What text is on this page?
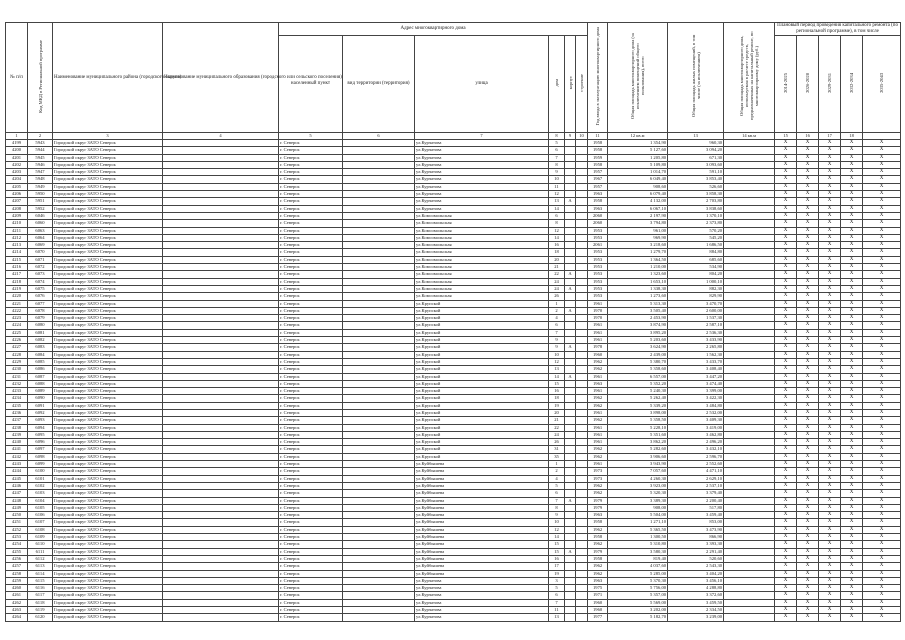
№ п/п	Код МКД в Региональной программе	Наименование муниципального района (городского округа)	Наименование муниципального образования (городского или сельского поселения)	Адрес многоквартирного дома						Год ввода в эксплуатацию многоквартирного дома	Общая площадь многоквартирного дома (за исключением помещений общего пользования), всего	Общая площадь жилых помещений, в том числе (за исключением)	Общая площадь многоквартирного дома, используемая в расчете средств, предназначенных на капитальный ремонт, по многоквартирному дому (руб.)	Плановый период проведения капитального ремонта (по региональной программе), в том числе				
				населенный пункт	вид территории (территория)	улица	дом	корпус	строение					2014-2025	2026-2028	2029-2031	2032-2034	2035-2043
1	2	3	4	5	6	7	8	9	10	11	12 кв.м	13	14 кв.м	15	16	17	18	
4199	5943	Городской округ ЗАТО Северск		г. Северск		ул.Курчатова	5			1958	1 354,90	960,30		X	X	X	X	X
4200	5944	Городской округ ЗАТО Северск		г. Северск		ул.Курчатова	6			1958	5 127,60	3 094,20		X	X	X	X	X
4201	5945	Городской округ ЗАТО Северск		г. Северск		ул.Курчатова	7			1959	1 205,80	671,30		X	X	X	X	X
4202	5946	Городской округ ЗАТО Северск		г. Северск		ул.Курчатова	8			1958	5 109,80	3 093,60		X	X	X	X	X
4203	5947	Городской округ ЗАТО Северск		г. Северск		ул.Курчатова	9			1957	1 014,70	591,10		X	X	X	X	X
4204	5948	Городской округ ЗАТО Северск		г. Северск		ул.Курчатова	10			1967	6 049,40	3 853,40		X	X	X	X	X
4205	5949	Городской округ ЗАТО Северск		г. Северск		ул.Курчатова	11			1957	908,60	526,60		X	X	X	X	X
4206	5950	Городской округ ЗАТО Северск		г. Северск		ул.Курчатова	12			1963	6 079,40	3 858,30		X	X	X	X	X
4207	5951	Городской округ ЗАТО Северск		г. Северск		ул.Курчатова	13	А		1958	4 132,00	2 703,80		X	X	X	X	X
4208	5952	Городской округ ЗАТО Северск		г. Северск		ул.Курчатова	14			1963	6 067,10	3 838,60		X	X	X	X	X
4209	6046	Городской округ ЗАТО Северск		г. Северск		ул.Комсомольская	6			2060	2 197,90	1 370,10		X	X	X	X	X
4210	6060	Городской округ ЗАТО Северск		г. Северск		ул.Комсомольская	8			2060	3 794,80	2 373,80		X	X	X	X	X
4211	6063	Городской округ ЗАТО Северск		г. Северск		ул.Комсомольская	12			1953	961,00	570,20		X	X	X	X	X
4212	6064	Городской округ ЗАТО Северск		г. Северск		ул.Комсомольская	14			1953	969,90	545,20		X	X	X	X	X
4213	6069	Городской округ ЗАТО Северск		г. Северск		ул.Комсомольская	16			2061	3 218,60	1 686,50		X	X	X	X	X
4214	6070	Городской округ ЗАТО Северск		г. Северск		ул.Комсомольская	18			1953	1 279,70	884,80		X	X	X	X	X
4215	6071	Городской округ ЗАТО Северск		г. Северск		ул.Комсомольская	20			1953	1 364,50	685,60		X	X	X	X	X
4216	6072	Городской округ ЗАТО Северск		г. Северск		ул.Комсомольская	21			1953	1 210,00	534,90		X	X	X	X	X
4217	6073	Городской округ ЗАТО Северск		г. Северск		ул.Комсомольская	22	А		1953	1 323,60	804,20		X	X	X	X	X
4218	6074	Городской округ ЗАТО Северск		г. Северск		ул.Комсомольская	24			1953	1 653,10	1 000,10		X	X	X	X	X
4219	6075	Городской округ ЗАТО Северск		г. Северск		ул.Комсомольская	24	А		1953	1 338,30	882,30		X	X	X	X	X
4220	6076	Городской округ ЗАТО Северск		г. Северск		ул.Комсомольская	26			1953	1 273,60	829,90		X	X	X	X	X
4221	6077	Городской округ ЗАТО Северск		г. Северск		ул.Крупской	1			1961	5 313,30	3 470,70		X	X	X	X	X
4222	6078	Городской округ ЗАТО Северск		г. Северск		ул.Крупской	2	А		1970	3 505,40	2 600,00		X	X	X	X	X
4223	6079	Городской округ ЗАТО Северск		г. Северск		ул.Крупской	4			1970	2 453,90	1 537,30		X	X	X	X	X
4224	6080	Городской округ ЗАТО Северск		г. Северск		ул.Крупской	6			1961	3 874,90	2 587,10		X	X	X	X	X
4225	6081	Городской округ ЗАТО Северск		г. Северск		ул.Крупской	7			1961	3 895,20	2 536,30		X	X	X	X	X
4226	6082	Городской округ ЗАТО Северск		г. Северск		ул.Крупской	9			1961	5 203,60	3 433,90		X	X	X	X	X
4227	6083	Городской округ ЗАТО Северск		г. Северск		ул.Крупской	9	А		1978	3 624,90	2 265,80		X	X	X	X	X
4228	6084	Городской округ ЗАТО Северск		г. Северск		ул.Крупской	10			1960	2 439,00	1 562,30		X	X	X	X	X
4229	6085	Городской округ ЗАТО Северск		г. Северск		ул.Крупской	12			1962	5 380,70	3 433,70		X	X	X	X	X
4230	6086	Городской округ ЗАТО Северск		г. Северск		ул.Крупской	13			1962	5 358,60	3 408,40		X	X	X	X	X
4231	6087	Городской округ ЗАТО Северск		г. Северск		ул.Крупской	14	А		1961	6 557,00	3 447,20		X	X	X	X	X
4232	6088	Городской округ ЗАТО Северск		г. Северск		ул.Крупской	15			1963	5 352,20	3 474,40		X	X	X	X	X
4233	6089	Городской округ ЗАТО Северск		г. Северск		ул.Крупской	16			1961	5 240,30	3 399,00		X	X	X	X	X
4234	6090	Городской округ ЗАТО Северск		г. Северск		ул.Крупской	18			1962	5 262,40	3 422,30		X	X	X	X	X
4235	6091	Городской округ ЗАТО Северск		г. Северск		ул.Крупской	19			1962	5 339,20	3 484,80		X	X	X	X	X
4236	6092	Городской округ ЗАТО Северск		г. Северск		ул.Крупской	20			1961	3 898,00	2 532,00		X	X	X	X	X
4237	6093	Городской округ ЗАТО Северск		г. Северск		ул.Крупской	21			1962	5 358,50	3 409,30		X	X	X	X	X
4238	6094	Городской округ ЗАТО Северск		г. Северск		ул.Крупской	22			1961	5 228,10	3 419,00		X	X	X	X	X
4239	6095	Городской округ ЗАТО Северск		г. Северск		ул.Крупской	24			1961	5 351,60	3 462,80		X	X	X	X	X
4240	6096	Городской округ ЗАТО Северск		г. Северск		ул.Крупской	26			1961	3 862,20	2 496,20		X	X	X	X	X
4241	6097	Городской округ ЗАТО Северск		г. Северск		ул.Крупской	31			1962	5 282,60	3 432,10		X	X	X	X	X
4242	6098	Городской округ ЗАТО Северск		г. Северск		ул.Крупской	35			1962	3 906,60	2 596,70		X	X	X	X	X
4243	6099	Городской округ ЗАТО Северск		г. Северск		ул.Куйбышева	1			1961	3 943,90	2 552,60		X	X	X	X	X
4244	6100	Городской округ ЗАТО Северск		г. Северск		ул.Куйбышева	2			1973	7 057,60	4 471,10		X	X	X	X	X
4245	6101	Городской округ ЗАТО Северск		г. Северск		ул.Куйбышева	4			1973	4 260,30	2 629,10		X	X	X	X	X
4246	6102	Городской округ ЗАТО Северск		г. Северск		ул.Куйбышева	5			1962	3 923,00	2 537,10		X	X	X	X	X
4247	6103	Городской округ ЗАТО Северск		г. Северск		ул.Куйбышева	6			1962	5 320,30	3 379,40		X	X	X	X	X
4248	6104	Городской округ ЗАТО Северск		г. Северск		ул.Куйбышева	7	А		1979	3 389,30	2 200,40		X	X	X	X	X
4249	6105	Городской округ ЗАТО Северск		г. Северск		ул.Куйбышева	8			1979	908,00	517,80		X	X	X	X	X
4250	6106	Городской округ ЗАТО Северск		г. Северск		ул.Куйбышева	9			1963	5 504,00	3 459,40		X	X	X	X	X
4251	6107	Городской округ ЗАТО Северск		г. Северск		ул.Куйбышева	10			1958	1 271,10	853,00		X	X	X	X	X
4252	6108	Городской округ ЗАТО Северск		г. Северск		ул.Куйбышева	12			1962	5 365,50	3 473,90		X	X	X	X	X
4253	6109	Городской округ ЗАТО Северск		г. Северск		ул.Куйбышева	14			1958	1 300,50	866,90		X	X	X	X	X
4254	6110	Городской округ ЗАТО Северск		г. Северск		ул.Куйбышева	15			1962	5 310,80	3 393,30		X	X	X	X	X
4255	6111	Городской округ ЗАТО Северск		г. Северск		ул.Куйбышева	15	А		1979	3 580,30	2 291,40		X	X	X	X	X
4256	6112	Городской округ ЗАТО Северск		г. Северск		ул.Куйбышева	16			1958	819,40	520,60		X	X	X	X	X
4257	6113	Городской округ ЗАТО Северск		г. Северск		ул.Куйбышева	17			1962	4 037,60	2 543,30		X	X	X	X	X
4258	6114	Городской округ ЗАТО Северск		г. Северск		ул.Куйбышева	19			1962	5 285,00	3 404,20		X	X	X	X	X
4259	6115	Городской округ ЗАТО Северск		г. Северск		ул.Курчатова	3			1963	5 370,30	3 456,10		X	X	X	X	X
4260	6116	Городской округ ЗАТО Северск		г. Северск		ул.Курчатова	5			1975	5 756,00	4 288,80		X	X	X	X	X
4261	6117	Городской округ ЗАТО Северск		г. Северск		ул.Курчатова	6			1971	5 357,00	3 372,60		X	X	X	X	X
4262	6118	Городской округ ЗАТО Северск		г. Северск		ул.Курчатова	7			1960	5 569,00	3 459,50		X	X	X	X	X
4263	6119	Городской округ ЗАТО Северск		г. Северск		ул.Курчатова	11			1960	3 202,00	2 334,50		X	X	X	X	X
4264	6120	Городской округ ЗАТО Северск		г. Северск		ул.Курчатова	13			1977	5 182,70	3 239,00		X	X	X	X	X
